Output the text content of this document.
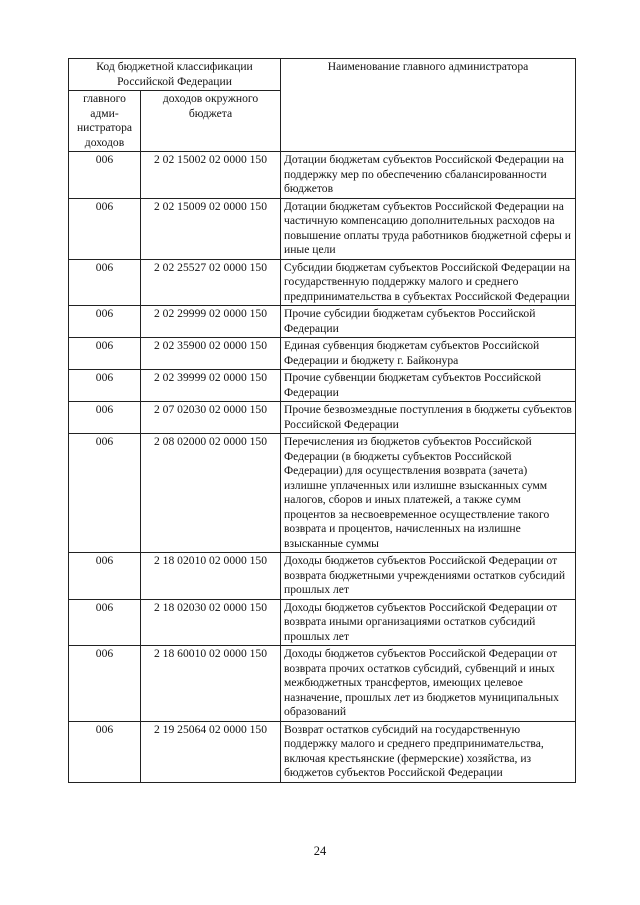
Код бюджетной классификации Российской Федерации		Наименование главного администратора
главного адми-нистратора доходов	доходов окружного бюджета	
006	2 02 15002 02 0000 150	Дотации бюджетам субъектов Российской Федерации на поддержку мер по обеспечению сбалансированности бюджетов
006	2 02 15009 02 0000 150	Дотации бюджетам субъектов Российской Федерации на частичную компенсацию дополнительных расходов на повышение оплаты труда работников бюджетной сферы и иные цели
006	2 02 25527 02 0000 150	Субсидии бюджетам субъектов Российской Федерации на государственную поддержку малого и среднего предпринимательства в субъектах Российской Федерации
006	2 02 29999 02 0000 150	Прочие субсидии бюджетам субъектов Российской Федерации
006	2 02 35900 02 0000 150	Единая субвенция бюджетам субъектов Российской Федерации и бюджету г. Байконура
006	2 02 39999 02 0000 150	Прочие субвенции бюджетам субъектов Российской Федерации
006	2 07 02030 02 0000 150	Прочие безвозмездные поступления в бюджеты субъектов Российской Федерации
006	2 08 02000 02 0000 150	Перечисления из бюджетов субъектов Российской Федерации (в бюджеты субъектов Российской Федерации) для осуществления возврата (зачета) излишне уплаченных или излишне взысканных сумм налогов, сборов и иных платежей, а также сумм процентов за несвоевременное осуществление такого возврата и процентов, начисленных на излишне взысканные суммы
006	2 18 02010 02 0000 150	Доходы бюджетов субъектов Российской Федерации от возврата бюджетными учреждениями остатков субсидий прошлых лет
006	2 18 02030 02 0000 150	Доходы бюджетов субъектов Российской Федерации от возврата иными организациями остатков субсидий прошлых лет
006	2 18 60010 02 0000 150	Доходы бюджетов субъектов Российской Федерации от возврата прочих остатков субсидий, субвенций и иных межбюджетных трансфертов, имеющих целевое назначение, прошлых лет из бюджетов муниципальных образований
006	2 19 25064 02 0000 150	Возврат остатков субсидий на государственную поддержку малого и среднего предпринимательства, включая крестьянские (фермерские) хозяйства, из бюджетов субъектов Российской Федерации
24
